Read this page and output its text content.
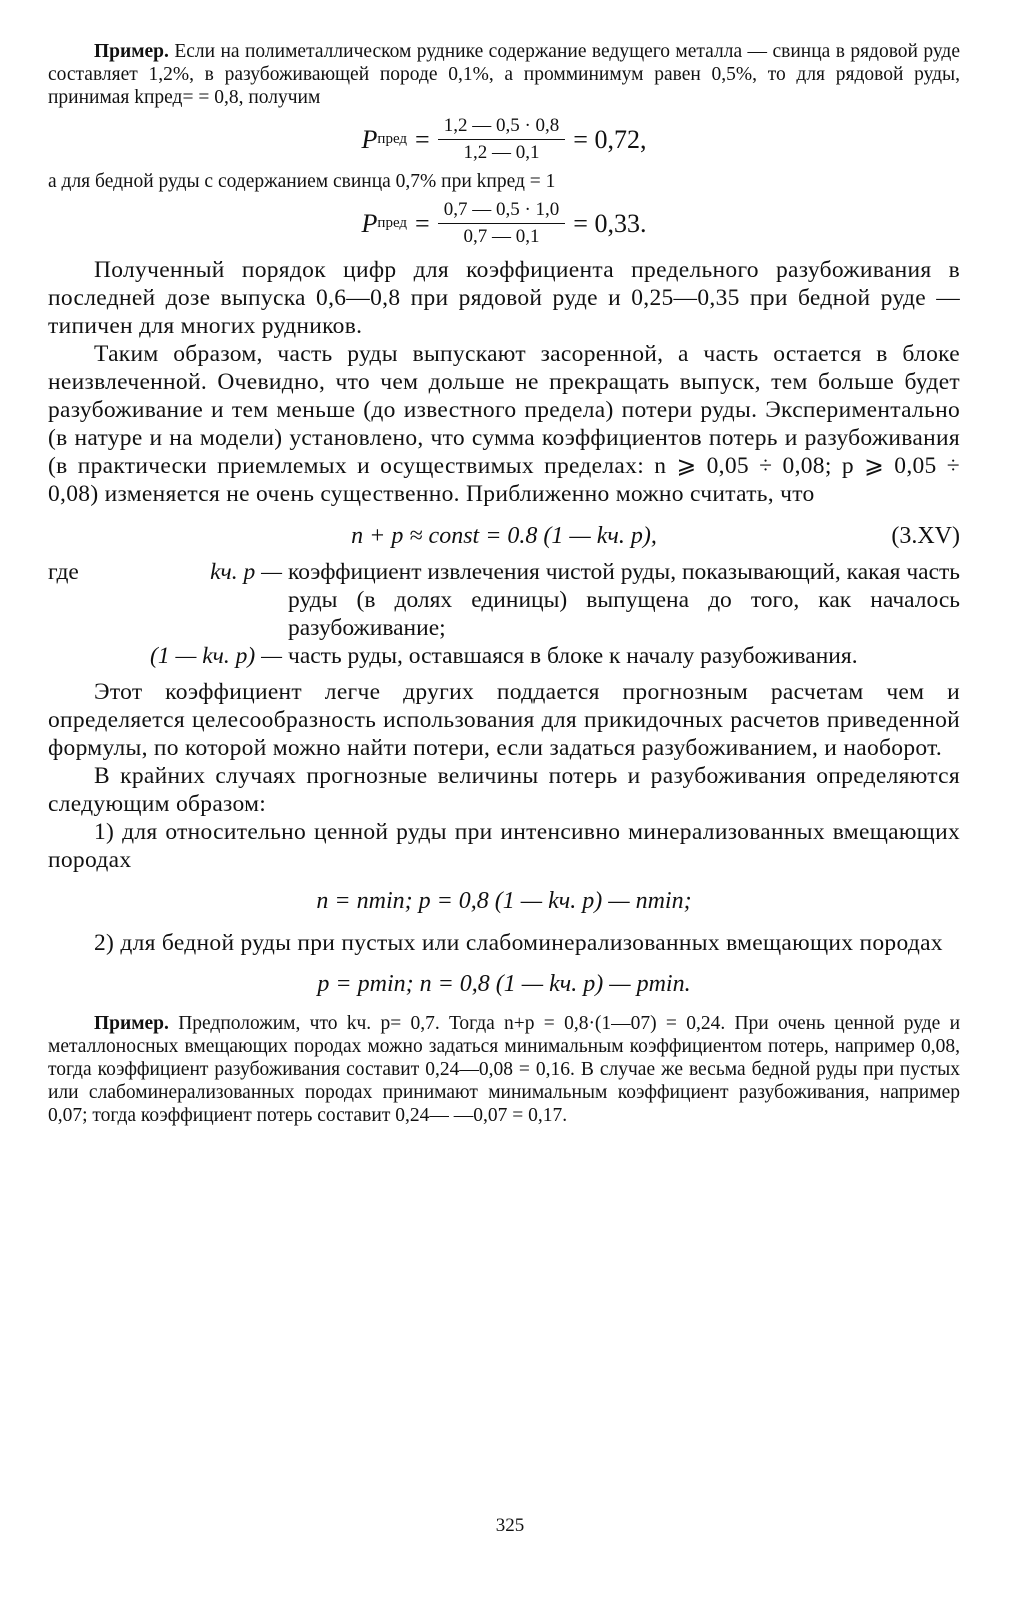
Пример. Если на полиметаллическом руднике содержание ведущего металла — свинца в рядовой руде составляет 1,2%, в разубоживающей породе 0,1%, а промминимум равен 0,5%, то для рядовой руды, принимая kпред= = 0,8, получим

P пред = $\frac{1,2 — 0,5 \cdot 0,8}{1,2 — 0,1} = 0,72$,

а для бедной руды с содержанием свинца 0,7% при kпред = 1

P пред = $\frac{0,7 — 0,5 \cdot 1,0}{0,7 — 0,1} = 0,33$.

Полученный порядок цифр для коэффициента предельного разубоживания в последней дозе выпуска 0,6—0,8 при рядовой руде и 0,25—0,35 при бедной руде — типичен для многих рудников.

Таким образом, часть руды выпускают засоренной, а часть остается в блоке неизвлеченной. Очевидно, что чем дольше не прекращать выпуск, тем больше будет разубоживание и тем меньше (до известного предела) потери руды. Экспериментально (в натуре и на модели) установлено, что сумма коэффициентов потерь и разубоживания (в практически приемлемых и осуществимых пределах: n ⩾ 0,05 ÷ 0,08; p ⩾ 0,05 ÷ 0,08) изменяется не очень существенно. Приближенно можно считать, что

n + p ≈ const = 0.8 (1 — kч. р),	(3.XV)
где	kч. р — коэффициент извлечения чистой руды, показывающий, какая часть руды (в долях единицы) выпущена до того, как началось разубоживание;
(1 — kч. р) — часть руды, оставшаяся в блоке к началу разубоживания.

Этот коэффициент легче других поддается прогнозным расчетам чем и определяется целесообразность использования для прикидочных расчетов приведенной формулы, по которой можно найти потери, если задаться разубоживанием, и наоборот.

В крайних случаях прогнозные величины потерь и разубоживания определяются следующим образом:

1) для относительно ценной руды при интенсивно минерализованных вмещающих породах

n = nmin; p = 0,8 (1 — kч. р) — nmin;

2) для бедной руды при пустых или слабоминерализованных вмещающих породах

p = pmin; n = 0,8 (1 — kч. р) — pmin.

Пример. Предположим, что kч. р= 0,7. Тогда n+p = 0,8·(1—07) = 0,24. При очень ценной руде и металлоносных вмещающих породах можно задаться минимальным коэффициентом потерь, например 0,08, тогда коэффициент разубоживания составит 0,24—0,08 = 0,16. В случае же весьма бедной руды при пустых или слабоминерализованных породах принимают минимальным коэффициент разубоживания, например 0,07; тогда коэффициент потерь составит 0,24— —0,07 = 0,17.

325
